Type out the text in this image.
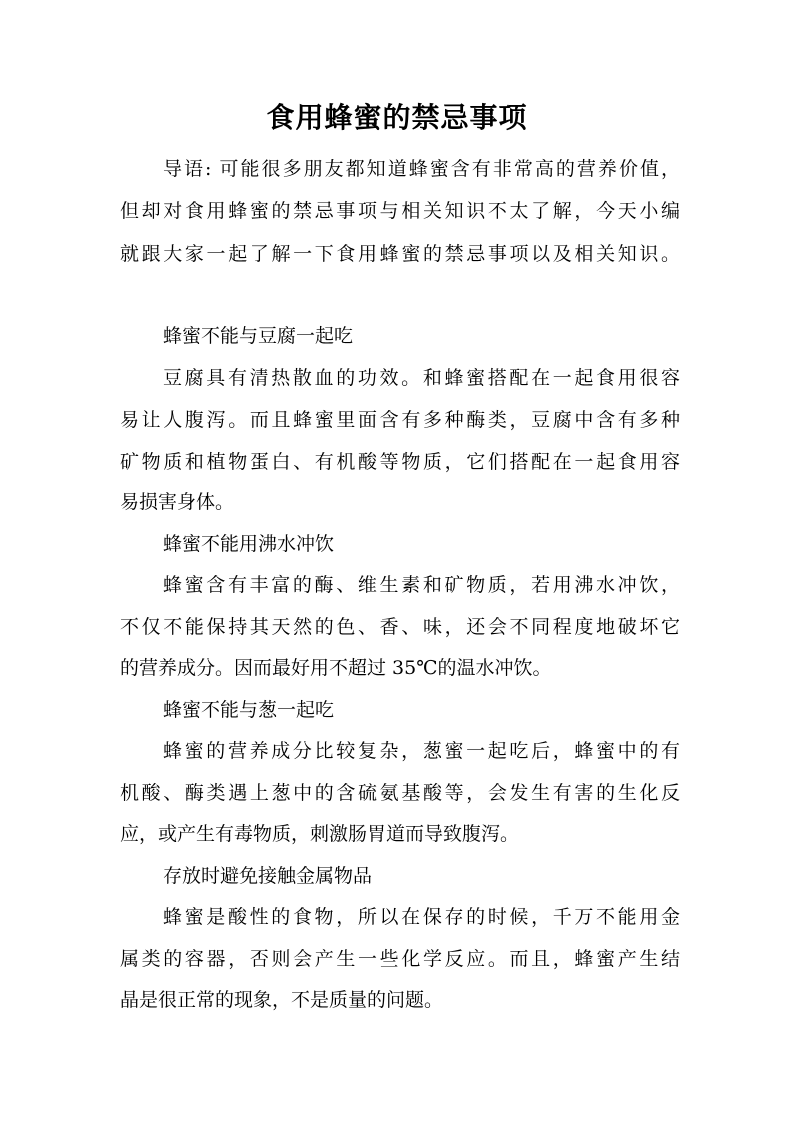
食用蜂蜜的禁忌事项
导语: 可能很多朋友都知道蜂蜜含有非常高的营养价值，
但却对食用蜂蜜的禁忌事项与相关知识不太了解，今天小编
就跟大家一起了解一下食用蜂蜜的禁忌事项以及相关知识。
蜂蜜不能与豆腐一起吃
豆腐具有清热散血的功效。和蜂蜜搭配在一起食用很容
易让人腹泻。而且蜂蜜里面含有多种酶类，豆腐中含有多种
矿物质和植物蛋白、有机酸等物质，它们搭配在一起食用容
易损害身体。
蜂蜜不能用沸水冲饮
蜂蜜含有丰富的酶、维生素和矿物质，若用沸水冲饮，
不仅不能保持其天然的色、香、味，还会不同程度地破坏它
的营养成分。因而最好用不超过 35℃的温水冲饮。
蜂蜜不能与葱一起吃
蜂蜜的营养成分比较复杂，葱蜜一起吃后，蜂蜜中的有
机酸、酶类遇上葱中的含硫氨基酸等，会发生有害的生化反
应，或产生有毒物质，刺激肠胃道而导致腹泻。
存放时避免接触金属物品
蜂蜜是酸性的食物，所以在保存的时候，千万不能用金
属类的容器，否则会产生一些化学反应。而且，蜂蜜产生结
晶是很正常的现象，不是质量的问题。
